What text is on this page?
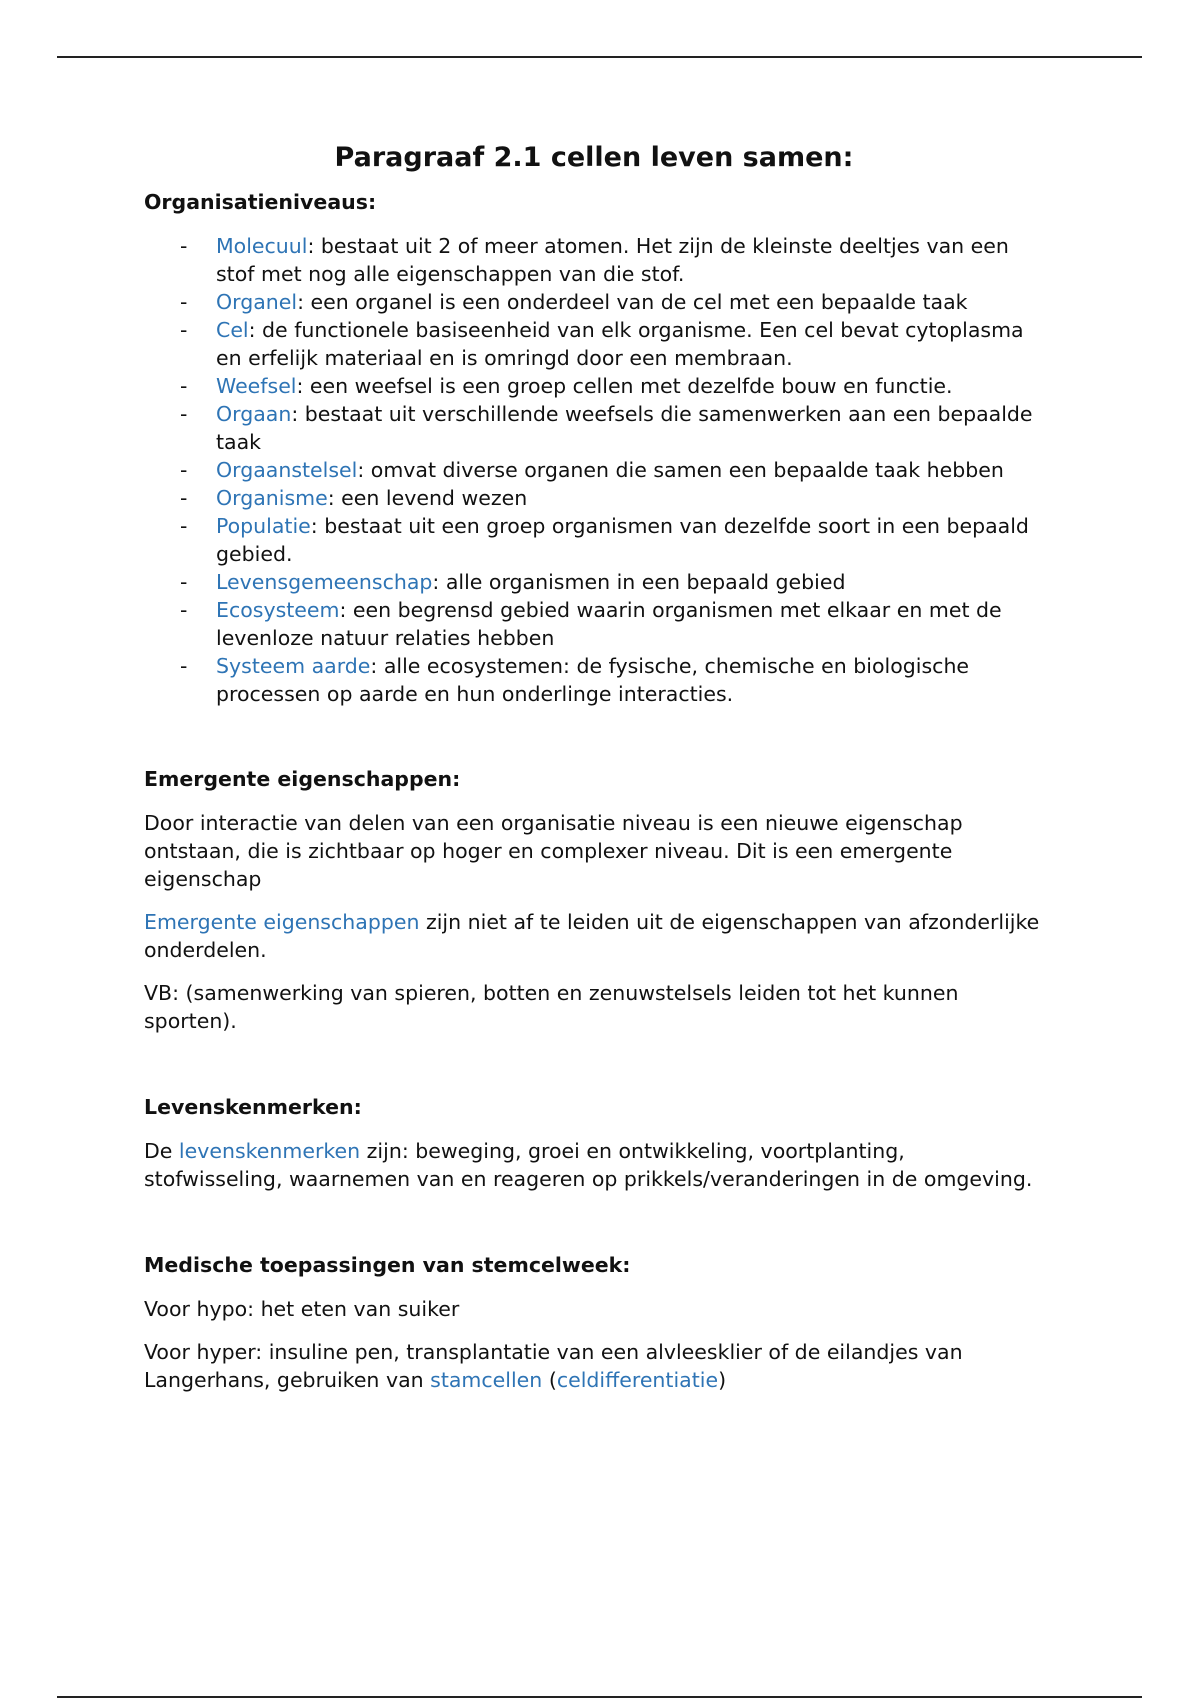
Paragraaf 2.1 cellen leven samen:

Organisatieniveaus:

- Molecuul: bestaat uit 2 of meer atomen. Het zijn de kleinste deeltjes van een stof met nog alle eigenschappen van die stof.
- Organel: een organel is een onderdeel van de cel met een bepaalde taak
- Cel: de functionele basiseenheid van elk organisme. Een cel bevat cytoplasma en erfelijk materiaal en is omringd door een membraan.
- Weefsel: een weefsel is een groep cellen met dezelfde bouw en functie.
- Orgaan: bestaat uit verschillende weefsels die samenwerken aan een bepaalde taak
- Orgaanstelsel: omvat diverse organen die samen een bepaalde taak hebben
- Organisme: een levend wezen
- Populatie: bestaat uit een groep organismen van dezelfde soort in een bepaald gebied.
- Levensgemeenschap: alle organismen in een bepaald gebied
- Ecosysteem: een begrensd gebied waarin organismen met elkaar en met de levenloze natuur relaties hebben
- Systeem aarde: alle ecosystemen: de fysische, chemische en biologische processen op aarde en hun onderlinge interacties.

Emergente eigenschappen:

Door interactie van delen van een organisatie niveau is een nieuwe eigenschap ontstaan, die is zichtbaar op hoger en complexer niveau. Dit is een emergente eigenschap

Emergente eigenschappen zijn niet af te leiden uit de eigenschappen van afzonderlijke onderdelen.

VB: (samenwerking van spieren, botten en zenuwstelsels leiden tot het kunnen sporten).

Levenskenmerken:

De levenskenmerken zijn: beweging, groei en ontwikkeling, voortplanting, stofwisseling, waarnemen van en reageren op prikkels/veranderingen in de omgeving.

Medische toepassingen van stemcelweek:

Voor hypo: het eten van suiker

Voor hyper: insuline pen, transplantatie van een alvleesklier of de eilandjes van Langerhans, gebruiken van stamcellen (celdifferentiatie)
